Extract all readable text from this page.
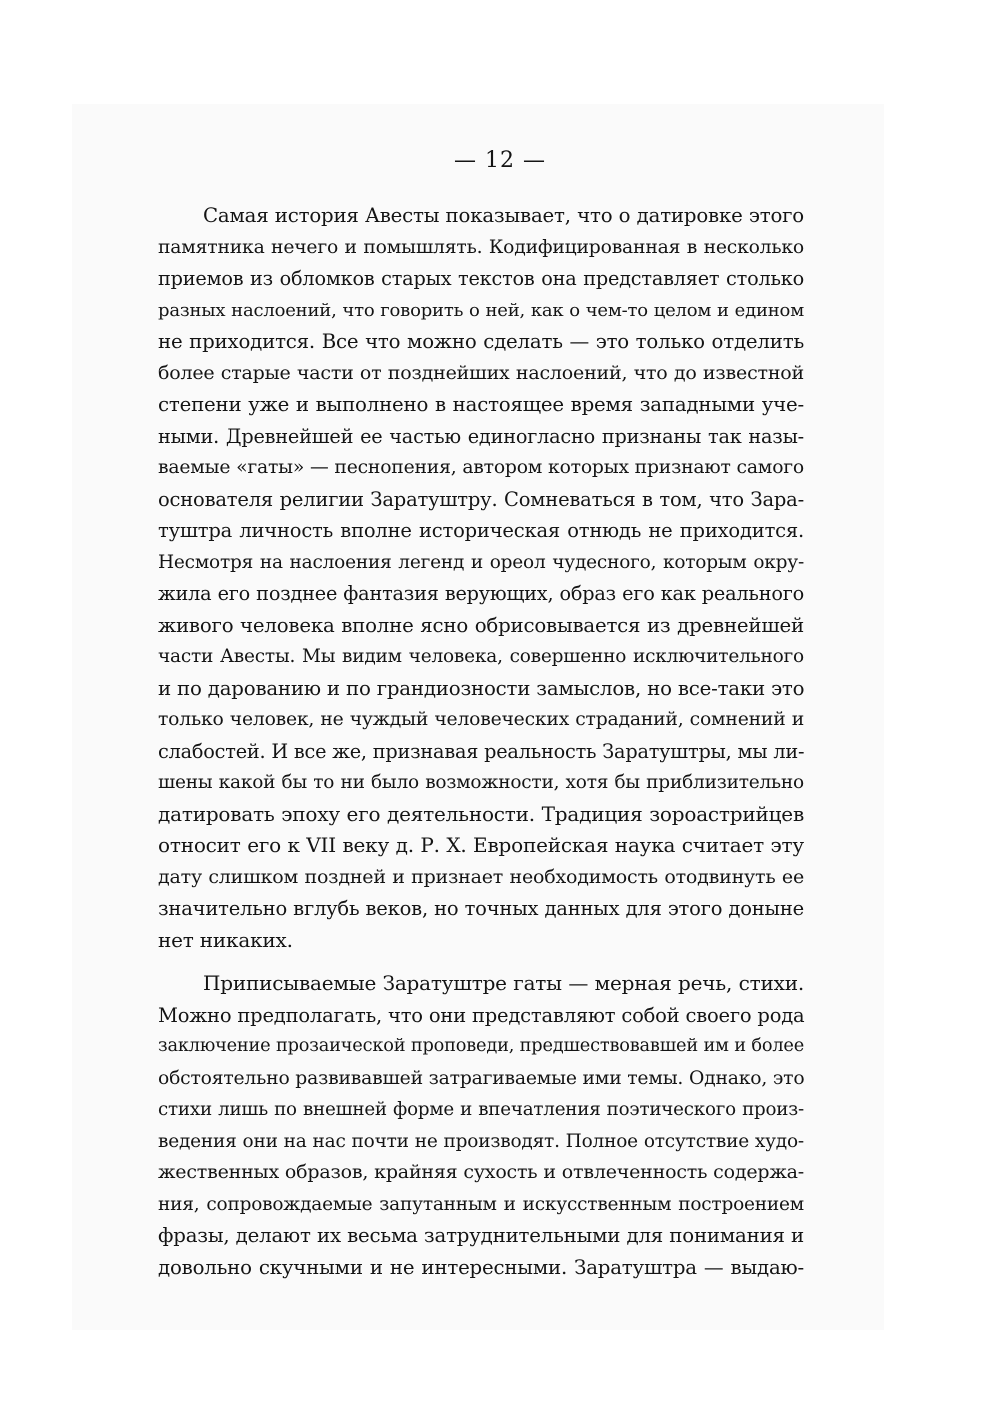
— 12 —
Самая история Авесты показывает, что о датировке этого
памятника нечего и помышлять. Кодифицированная в несколько
приемов из обломков старых текстов она представляет столько
разных наслоений, что говорить о ней, как о чем-то целом и едином
не приходится. Все что можно сделать — это только отделить
более старые части от позднейших наслоений, что до известной
степени уже и выполнено в настоящее время западными уче-
ными. Древнейшей ее частью единогласно признаны так назы-
ваемые «гаты» — песнопения, автором которых признают самого
основателя религии Заратуштру. Сомневаться в том, что Зара-
туштра личность вполне историческая отнюдь не приходится.
Несмотря на наслоения легенд и ореол чудесного, которым окру-
жила его позднее фантазия верующих, образ его как реального
живого человека вполне ясно обрисовывается из древнейшей
части Авесты. Мы видим человека, совершенно исключительного
и по дарованию и по грандиозности замыслов, но все-таки это
только человек, не чуждый человеческих страданий, сомнений и
слабостей. И все же, признавая реальность Заратуштры, мы ли-
шены какой бы то ни было возможности, хотя бы приблизительно
датировать эпоху его деятельности. Традиция зороастрийцев
относит его к VII веку д. Р. Х. Европейская наука считает эту
дату слишком поздней и признает необходимость отодвинуть ее
значительно вглубь веков, но точных данных для этого доныне
нет никаких.
Приписываемые Заратуштре гаты — мерная речь, стихи.
Можно предполагать, что они представляют собой своего рода
заключение прозаической проповеди, предшествовавшей им и более
обстоятельно развивавшей затрагиваемые ими темы. Однако, это
стихи лишь по внешней форме и впечатления поэтического произ-
ведения они на нас почти не производят. Полное отсутствие худо-
жественных образов, крайняя сухость и отвлеченность содержа-
ния, сопровождаемые запутанным и искусственным построением
фразы, делают их весьма затруднительными для понимания и
довольно скучными и не интересными. Заратуштра — выдаю-
